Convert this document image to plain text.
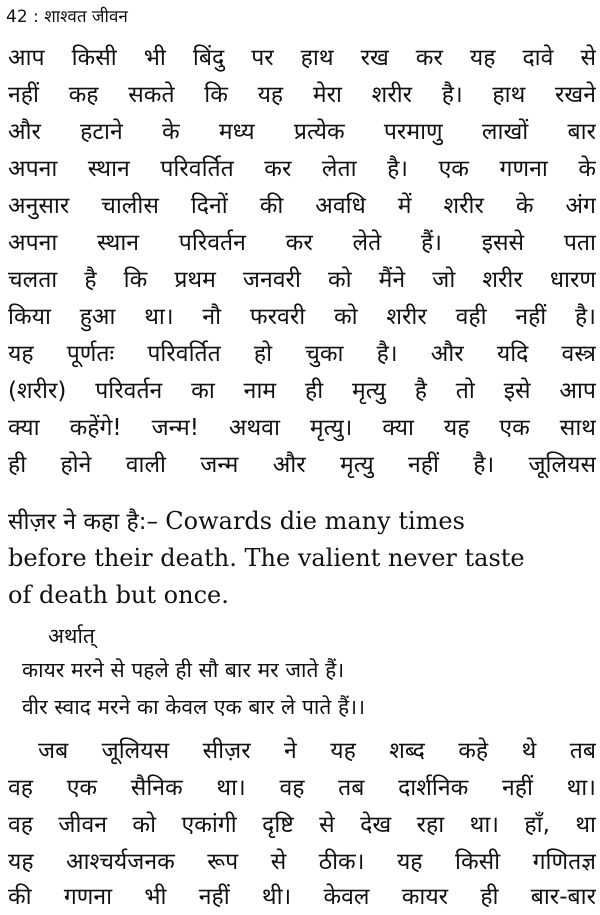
42 : शाश्वत जीवन
आप किसी भी बिंदु पर हाथ रख कर यह दावे से
नहीं कह सकते कि यह मेरा शरीर है। हाथ रखने
और हटाने के मध्य प्रत्येक परमाणु लाखों बार
अपना स्थान परिवर्तित कर लेता है। एक गणना के
अनुसार चालीस दिनों की अवधि में शरीर के अंग
अपना स्थान परिवर्तन कर लेते हैं। इससे पता
चलता है कि प्रथम जनवरी को मैंने जो शरीर धारण
किया हुआ था। नौ फरवरी को शरीर वही नहीं है।
यह पूर्णतः परिवर्तित हो चुका है। और यदि वस्त्र
(शरीर) परिवर्तन का नाम ही मृत्यु है तो इसे आप
क्या कहेंगे! जन्म! अथवा मृत्यु। क्या यह एक साथ
ही होने वाली जन्म और मृत्यु नहीं है। जूलियस
सीज़र ने कहा है:– Cowards die many times
before their death. The valient never taste
of death but once.
अर्थात्
कायर मरने से पहले ही सौ बार मर जाते हैं।
वीर स्वाद मरने का केवल एक बार ले पाते हैं।।
जब जूलियस सीज़र ने यह शब्द कहे थे तब
वह एक सैनिक था। वह तब दार्शनिक नहीं था।
वह जीवन को एकांगी दृष्टि से देख रहा था। हाँ, था
यह आश्चर्यजनक रूप से ठीक। यह किसी गणितज्ञ
की गणना भी नहीं थी। केवल कायर ही बार-बार
